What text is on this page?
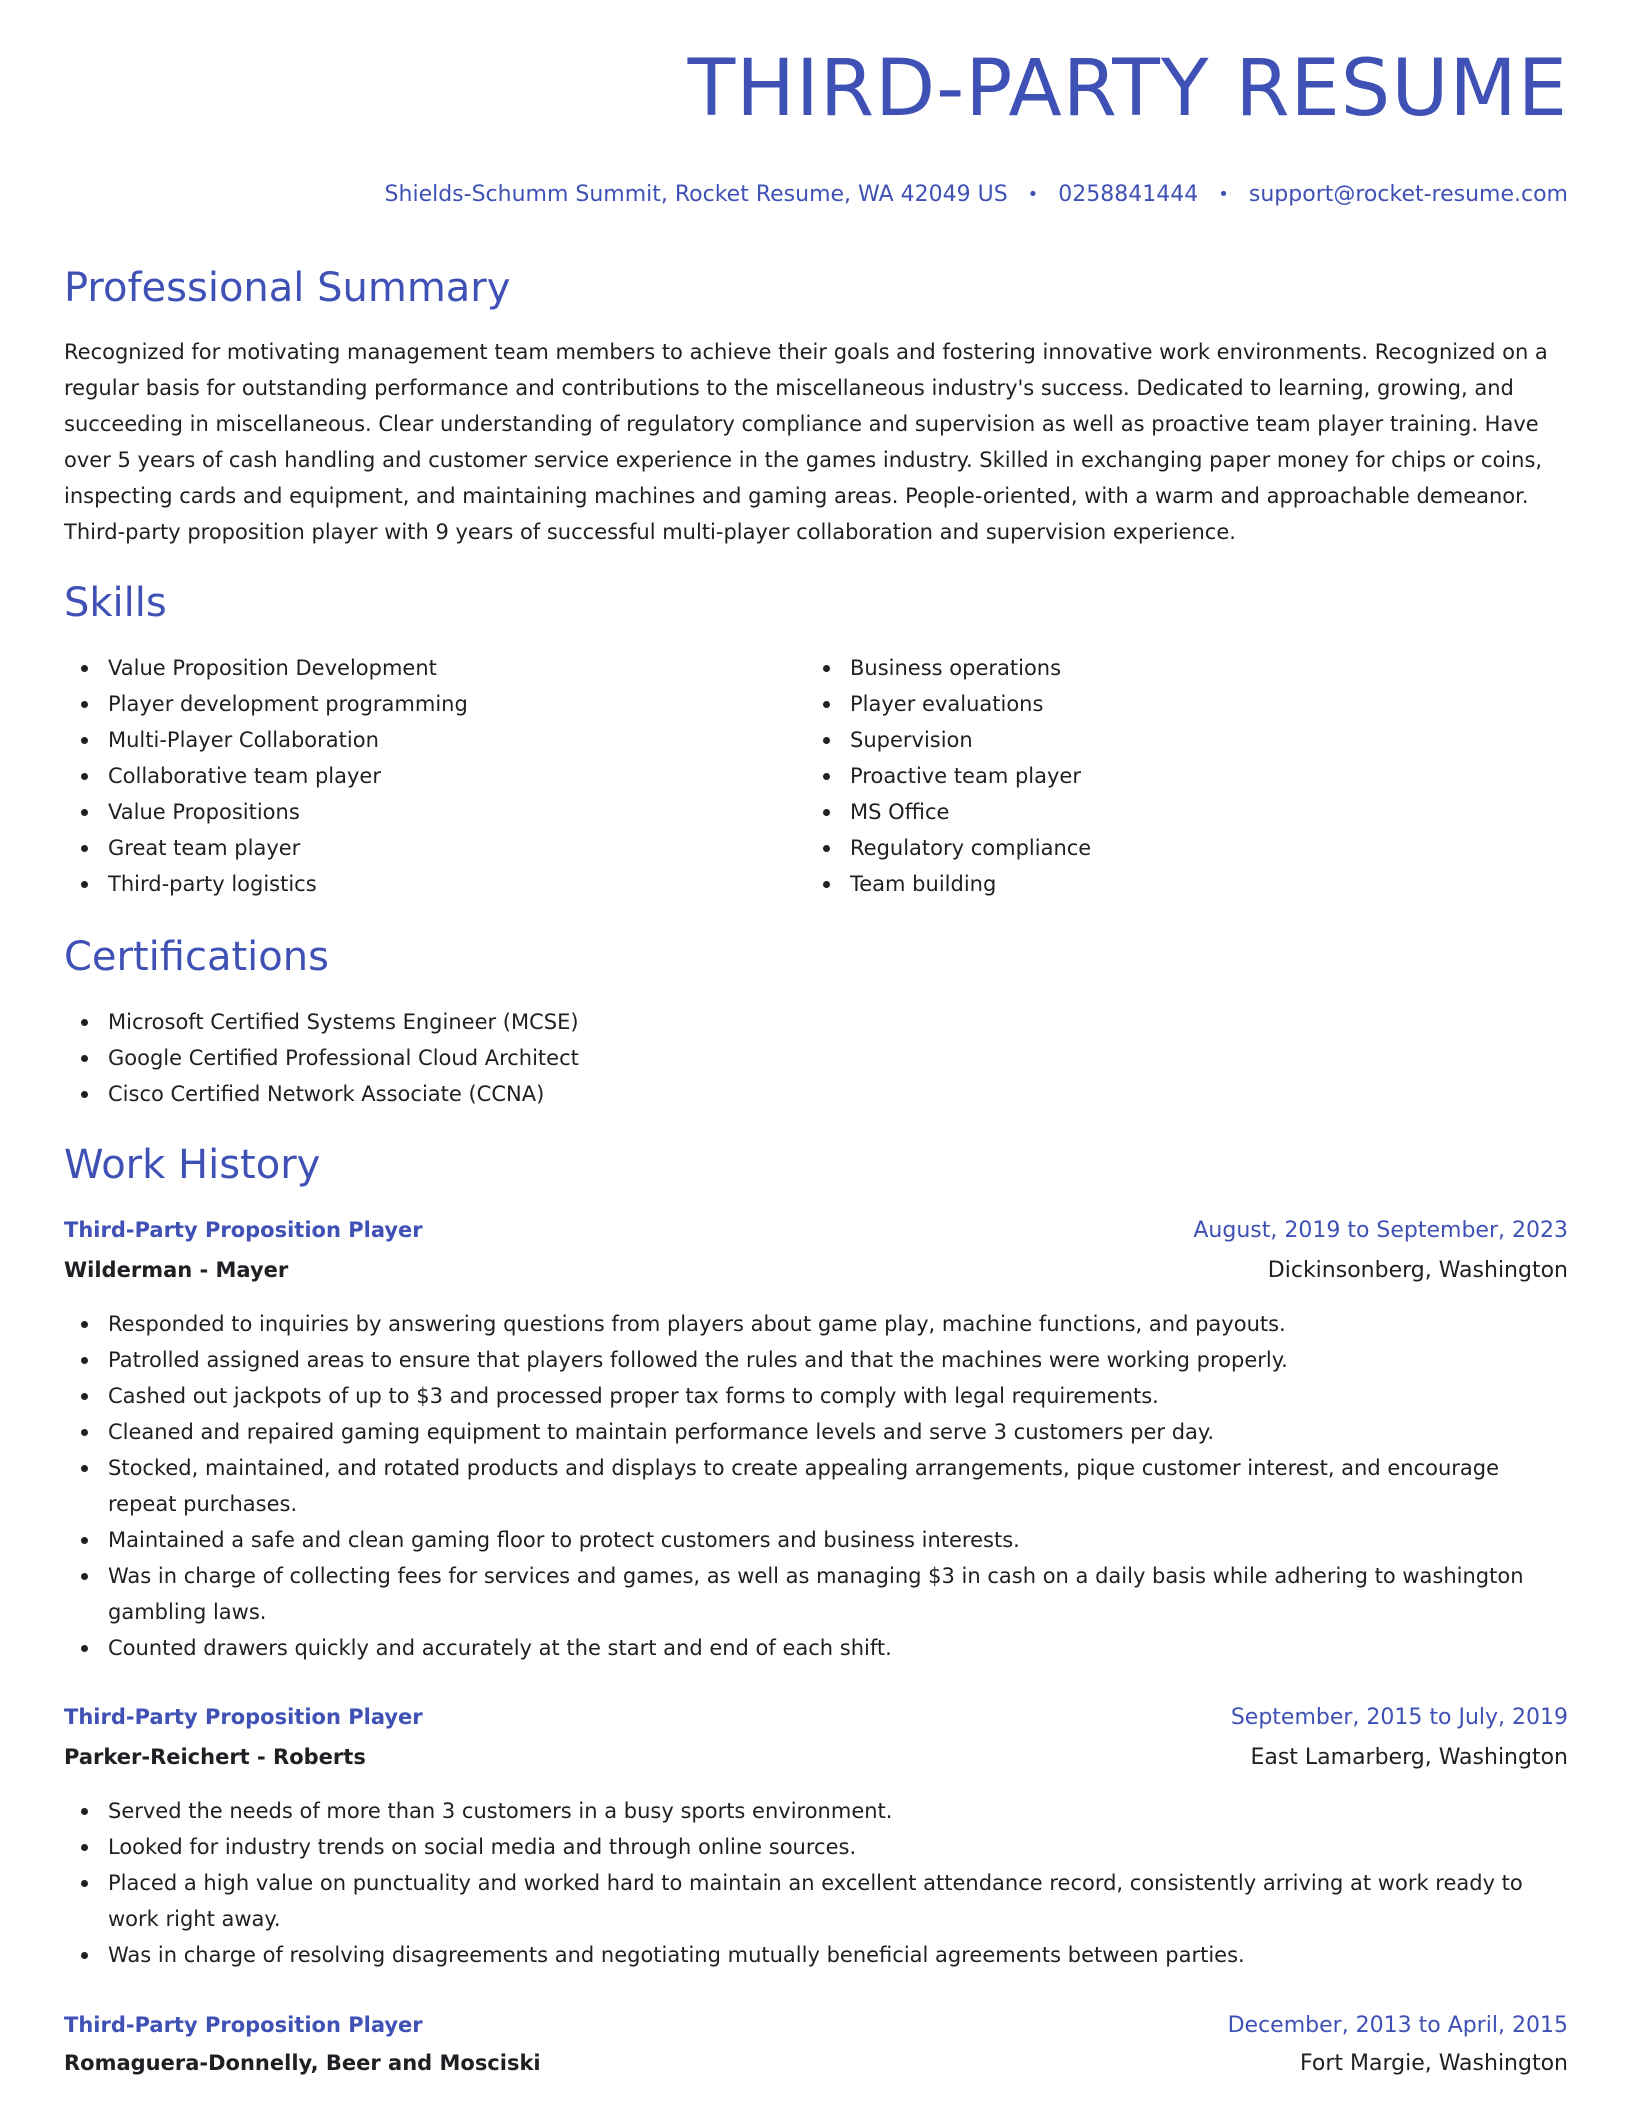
THIRD-PARTY RESUME
Shields-Schumm Summit, Rocket Resume, WA 42049 US • 0258841444 • support@rocket-resume.com
Professional Summary

Recognized for motivating management team members to achieve their goals and fostering innovative work environments. Recognized on a regular basis for outstanding performance and contributions to the miscellaneous industry's success. Dedicated to learning, growing, and succeeding in miscellaneous. Clear understanding of regulatory compliance and supervision as well as proactive team player training. Have over 5 years of cash handling and customer service experience in the games industry. Skilled in exchanging paper money for chips or coins, inspecting cards and equipment, and maintaining machines and gaming areas. People-oriented, with a warm and approachable demeanor. Third-party proposition player with 9 years of successful multi-player collaboration and supervision experience.

Skills
Value Proposition Development
Player development programming
Multi-Player Collaboration
Collaborative team player
Value Propositions
Great team player
Third-party logistics
Business operations
Player evaluations
Supervision
Proactive team player
MS Office
Regulatory compliance
Team building
Certifications
Microsoft Certified Systems Engineer (MCSE)
Google Certified Professional Cloud Architect
Cisco Certified Network Associate (CCNA)
Work History
Third-Party Proposition Player	August, 2019 to September, 2023
Wilderman - Mayer	Dickinsonberg, Washington
Responded to inquiries by answering questions from players about game play, machine functions, and payouts.
Patrolled assigned areas to ensure that players followed the rules and that the machines were working properly.
Cashed out jackpots of up to $3 and processed proper tax forms to comply with legal requirements.
Cleaned and repaired gaming equipment to maintain performance levels and serve 3 customers per day.
Stocked, maintained, and rotated products and displays to create appealing arrangements, pique customer interest, and encourage repeat purchases.
Maintained a safe and clean gaming floor to protect customers and business interests.
Was in charge of collecting fees for services and games, as well as managing $3 in cash on a daily basis while adhering to washington gambling laws.
Counted drawers quickly and accurately at the start and end of each shift.
Third-Party Proposition Player	September, 2015 to July, 2019
Parker-Reichert - Roberts	East Lamarberg, Washington
Served the needs of more than 3 customers in a busy sports environment.
Looked for industry trends on social media and through online sources.
Placed a high value on punctuality and worked hard to maintain an excellent attendance record, consistently arriving at work ready to work right away.
Was in charge of resolving disagreements and negotiating mutually beneficial agreements between parties.
Third-Party Proposition Player	December, 2013 to April, 2015
Romaguera-Donnelly, Beer and Mosciski	Fort Margie, Washington
